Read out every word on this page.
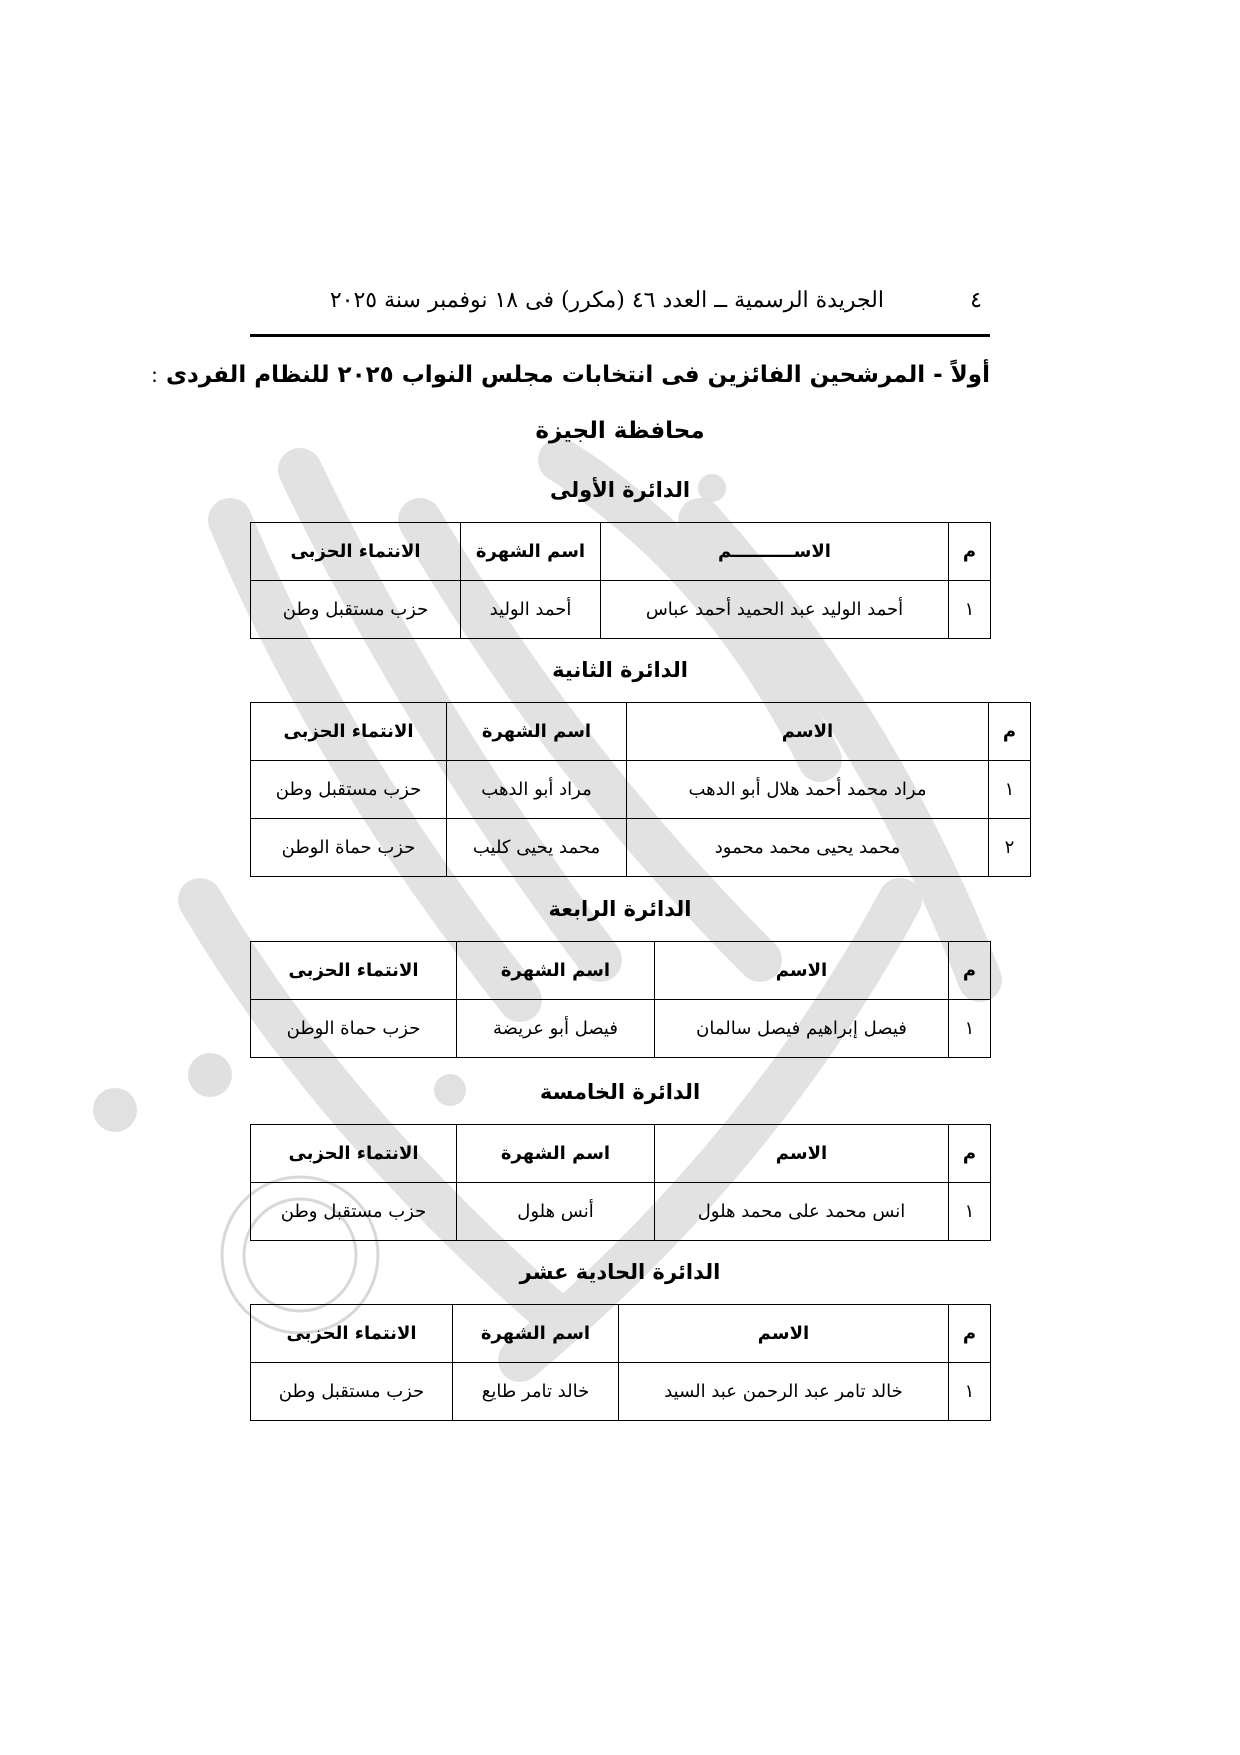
٤
الجريدة الرسمية ــ العدد ٤٦ (مكرر) فى ١٨ نوفمبر سنة ٢٠٢٥
أولاً - المرشحين الفائزين فى انتخابات مجلس النواب ٢٠٢٥ للنظام الفردى :
محافظة الجيزة
الدائرة الأولى
م	الاســــــــــم	اسم الشهرة	الانتماء الحزبى
١	أحمد الوليد عبد الحميد أحمد عباس	أحمد الوليد	حزب مستقبل وطن
الدائرة الثانية
م	الاسم	اسم الشهرة	الانتماء الحزبى
١	مراد محمد أحمد هلال أبو الدهب	مراد أبو الدهب	حزب مستقبل وطن
٢	محمد يحيى محمد محمود	محمد يحيى كليب	حزب حماة الوطن
الدائرة الرابعة
م	الاسم	اسم الشهرة	الانتماء الحزبى
١	فيصل إبراهيم فيصل سالمان	فيصل أبو عريضة	حزب حماة الوطن
الدائرة الخامسة
م	الاسم	اسم الشهرة	الانتماء الحزبى
١	انس محمد على محمد هلول	أنس هلول	حزب مستقبل وطن
الدائرة الحادية عشر
م	الاسم	اسم الشهرة	الانتماء الحزبى
١	خالد تامر عبد الرحمن عبد السيد	خالد تامر طايع	حزب مستقبل وطن
